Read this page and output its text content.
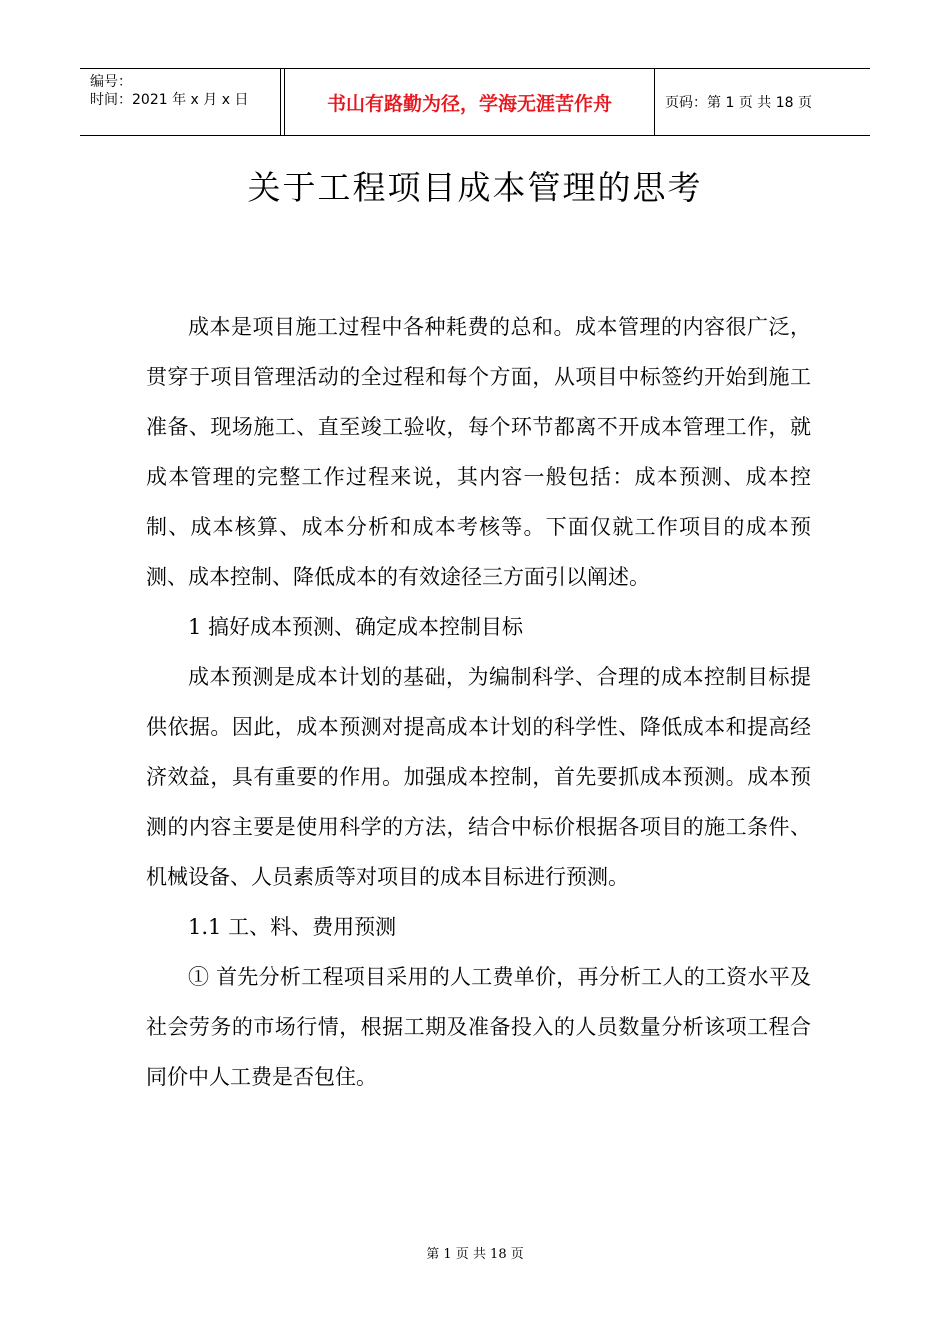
编号：
时间：2021 年 x 月 x 日	书山有路勤为径，学海无涯苦作舟	页码：第 1 页 共 18 页
关于工程项目成本管理的思考

成本是项目施工过程中各种耗费的总和。成本管理的内容很广泛，贯穿于项目管理活动的全过程和每个方面，从项目中标签约开始到施工准备、现场施工、直至竣工验收，每个环节都离不开成本管理工作，就成本管理的完整工作过程来说，其内容一般包括：成本预测、成本控制、成本核算、成本分析和成本考核等。下面仅就工作项目的成本预测、成本控制、降低成本的有效途径三方面引以阐述。

1 搞好成本预测、确定成本控制目标

成本预测是成本计划的基础，为编制科学、合理的成本控制目标提供依据。因此，成本预测对提高成本计划的科学性、降低成本和提高经济效益，具有重要的作用。加强成本控制，首先要抓成本预测。成本预测的内容主要是使用科学的方法，结合中标价根据各项目的施工条件、机械设备、人员素质等对项目的成本目标进行预测。

1.1 工、料、费用预测

① 首先分析工程项目采用的人工费单价，再分析工人的工资水平及社会劳务的市场行情，根据工期及准备投入的人员数量分析该项工程合同价中人工费是否包住。

第 1 页 共 18 页
